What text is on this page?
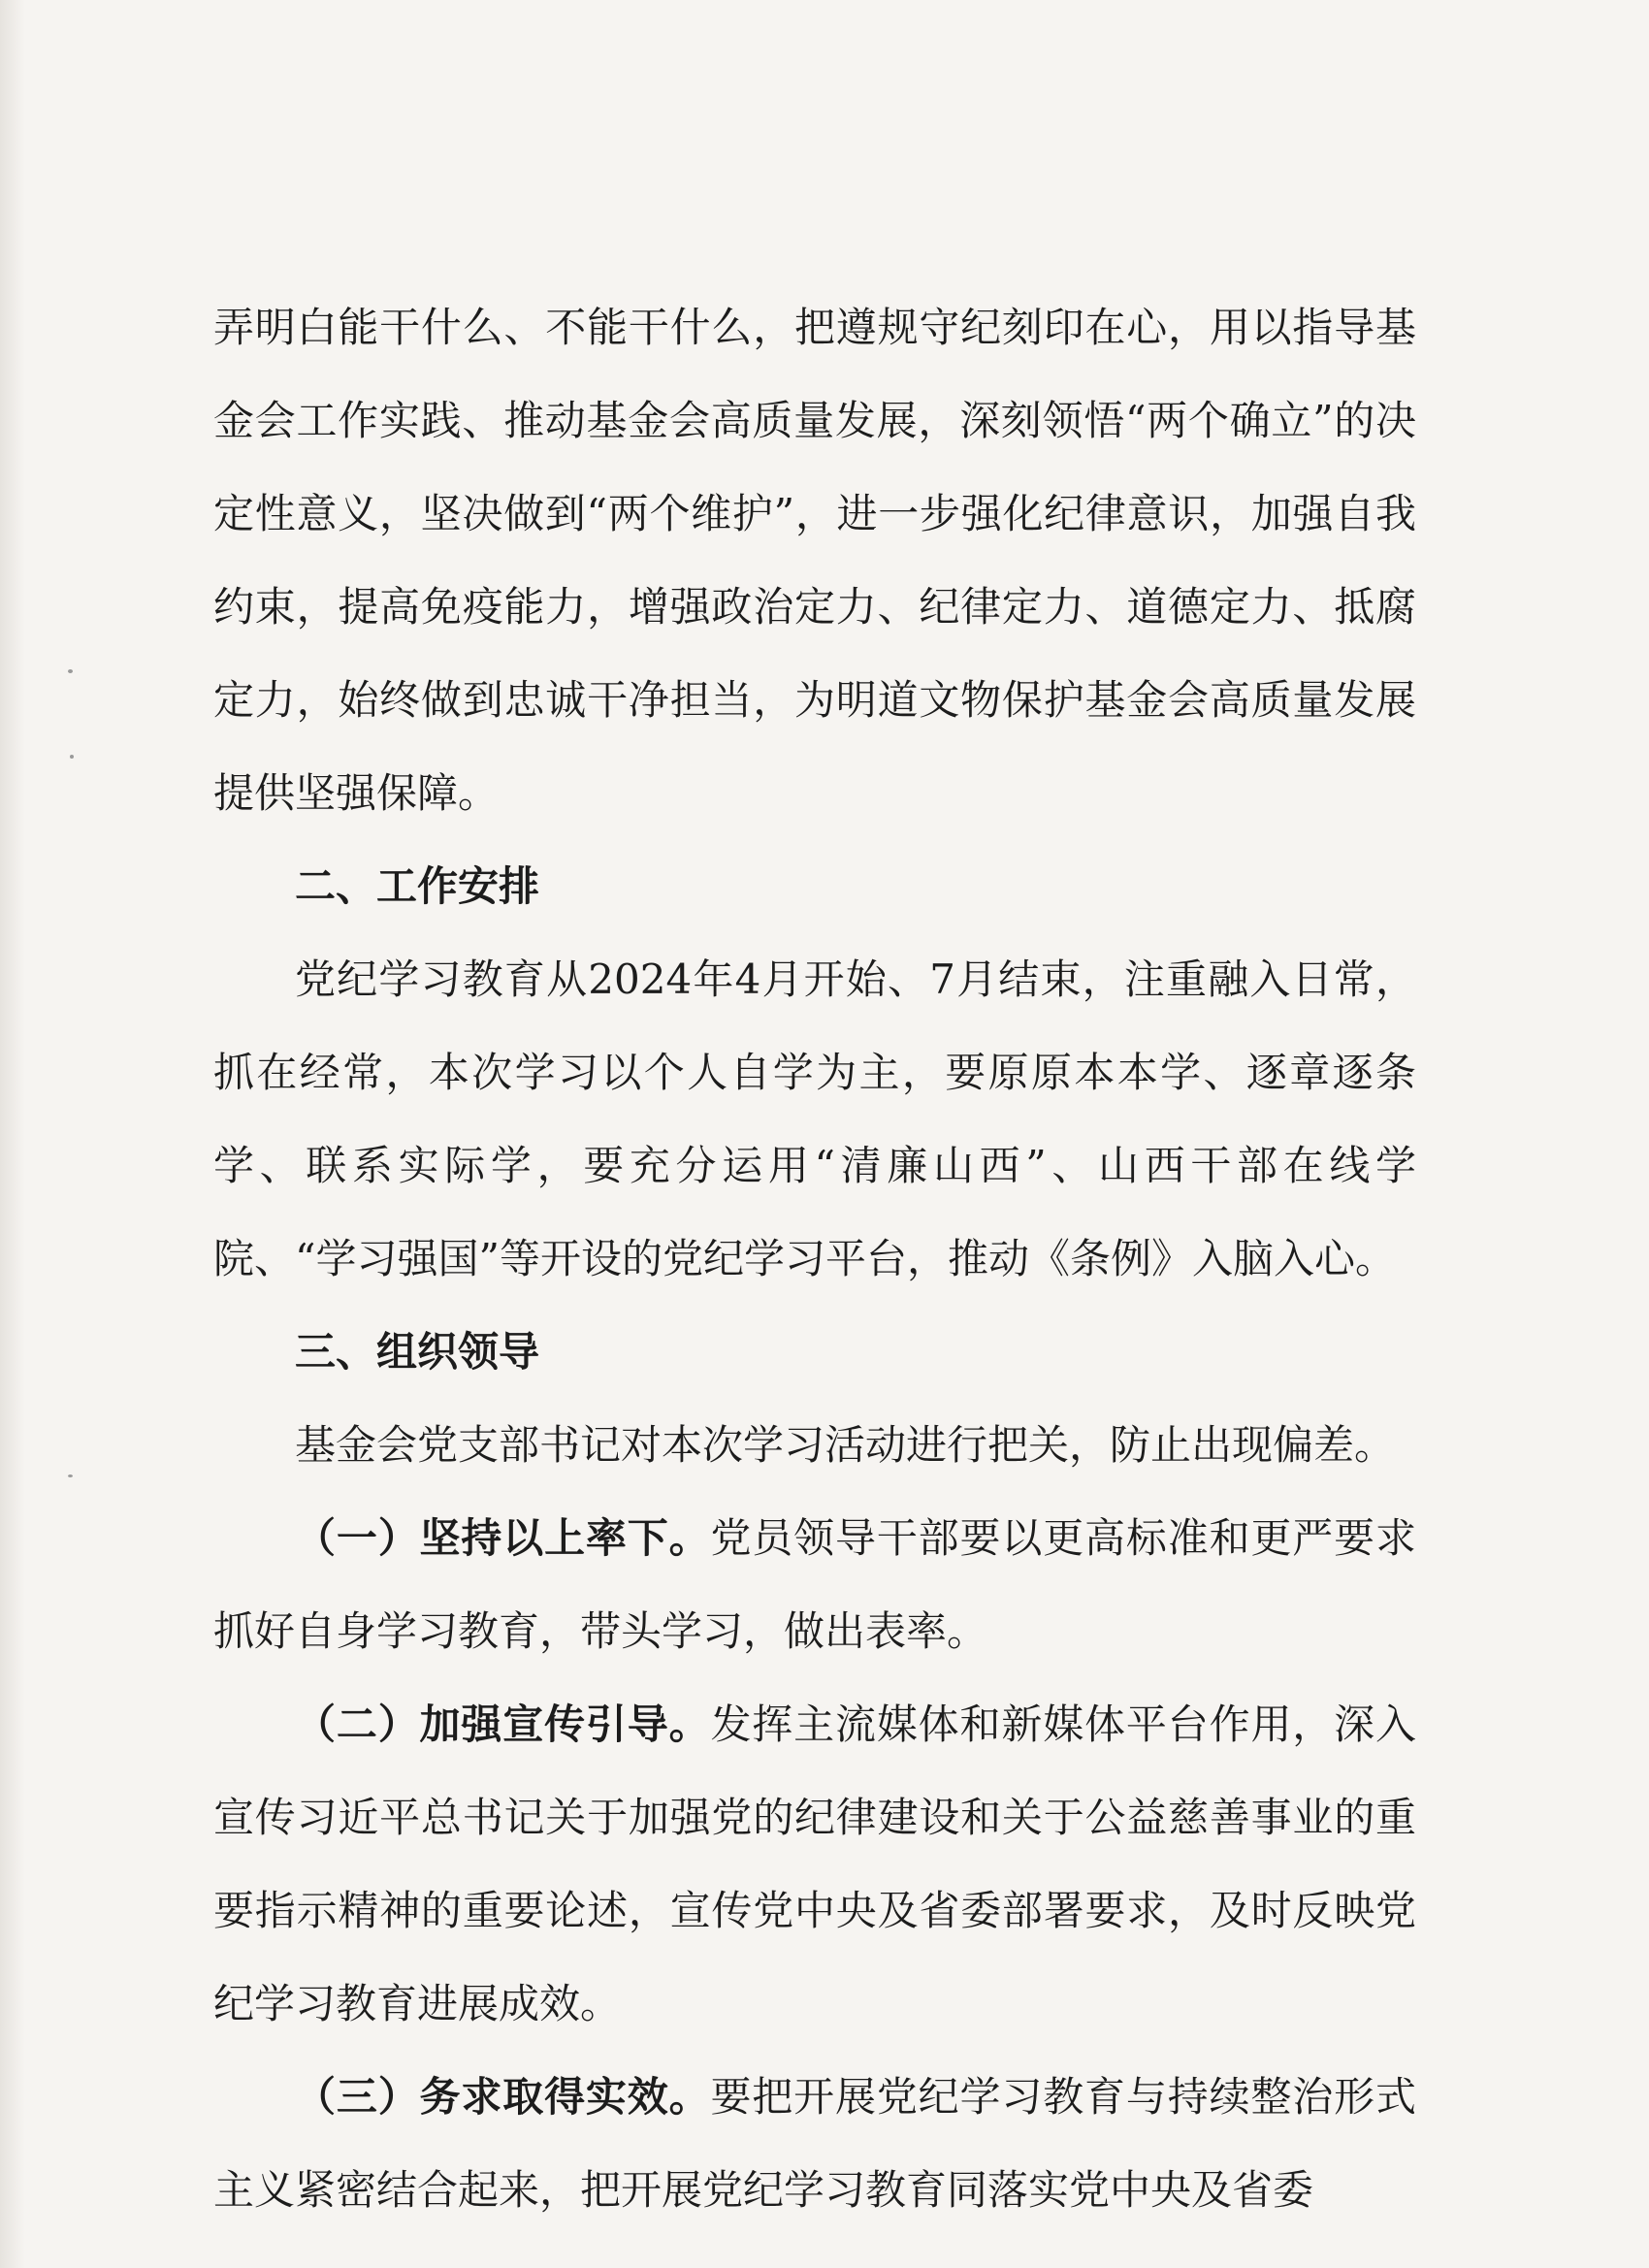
弄明白能干什么、不能干什么，把遵规守纪刻印在心，用以指导基金会工作实践、推动基金会高质量发展，深刻领悟“两个确立”的决定性意义，坚决做到“两个维护”，进一步强化纪律意识，加强自我约束，提高免疫能力，增强政治定力、纪律定力、道德定力、抵腐定力，始终做到忠诚干净担当，为明道文物保护基金会高质量发展提供坚强保障。

二、工作安排

党纪学习教育从2024年4月开始、7月结束，注重融入日常，抓在经常，本次学习以个人自学为主，要原原本本学、逐章逐条学、联系实际学，要充分运用“清廉山西”、山西干部在线学院、“学习强国”等开设的党纪学习平台，推动《条例》入脑入心。

三、组织领导

基金会党支部书记对本次学习活动进行把关，防止出现偏差。

（一）坚持以上率下。党员领导干部要以更高标准和更严要求抓好自身学习教育，带头学习，做出表率。

（二）加强宣传引导。发挥主流媒体和新媒体平台作用，深入宣传习近平总书记关于加强党的纪律建设和关于公益慈善事业的重要指示精神的重要论述，宣传党中央及省委部署要求，及时反映党纪学习教育进展成效。

（三）务求取得实效。要把开展党纪学习教育与持续整治形式主义紧密结合起来，把开展党纪学习教育同落实党中央及省委
